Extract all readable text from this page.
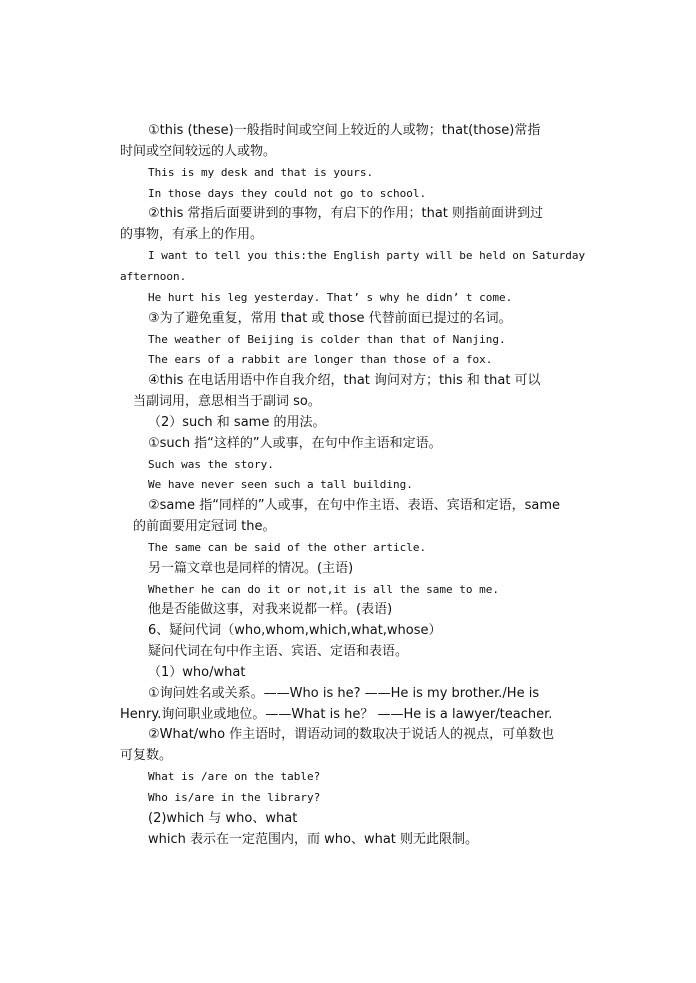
①this (these)一般指时间或空间上较近的人或物；that(those)常指
时间或空间较远的人或物。
This is my desk and that is yours.
In those days they could not go to school.
②this 常指后面要讲到的事物，有启下的作用；that 则指前面讲到过
的事物，有承上的作用。
I want to tell you this:the English party will be held on Saturday
afternoon.
He hurt his leg yesterday. That’ s why he didn’ t come.
③为了避免重复，常用 that 或 those 代替前面已提过的名词。
The weather of Beijing is colder than that of Nanjing.
The ears of a rabbit are longer than those of a fox.
④this 在电话用语中作自我介绍，that 询问对方；this 和 that 可以
当副词用，意思相当于副词 so。
（2）such 和 same 的用法。
①such 指“这样的”人或事，在句中作主语和定语。
Such was the story.
We have never seen such a tall building.
②same 指“同样的”人或事，在句中作主语、表语、宾语和定语，same
的前面要用定冠词 the。
The same can be said of the other article.
另一篇文章也是同样的情况。(主语)
Whether he can do it or not,it is all the same to me.
他是否能做这事，对我来说都一样。(表语)
6、疑问代词（who,whom,which,what,whose）
疑问代词在句中作主语、宾语、定语和表语。
（1）who/what
①询问姓名或关系。——Who is he? ——He is my brother./He is
Henry.询问职业或地位。——What is he？ ——He is a lawyer/teacher.
②What/who 作主语时，谓语动词的数取决于说话人的视点，可单数也
可复数。
What is /are on the table?
Who is/are in the library?
(2)which 与 who、what
which 表示在一定范围内，而 who、what 则无此限制。
